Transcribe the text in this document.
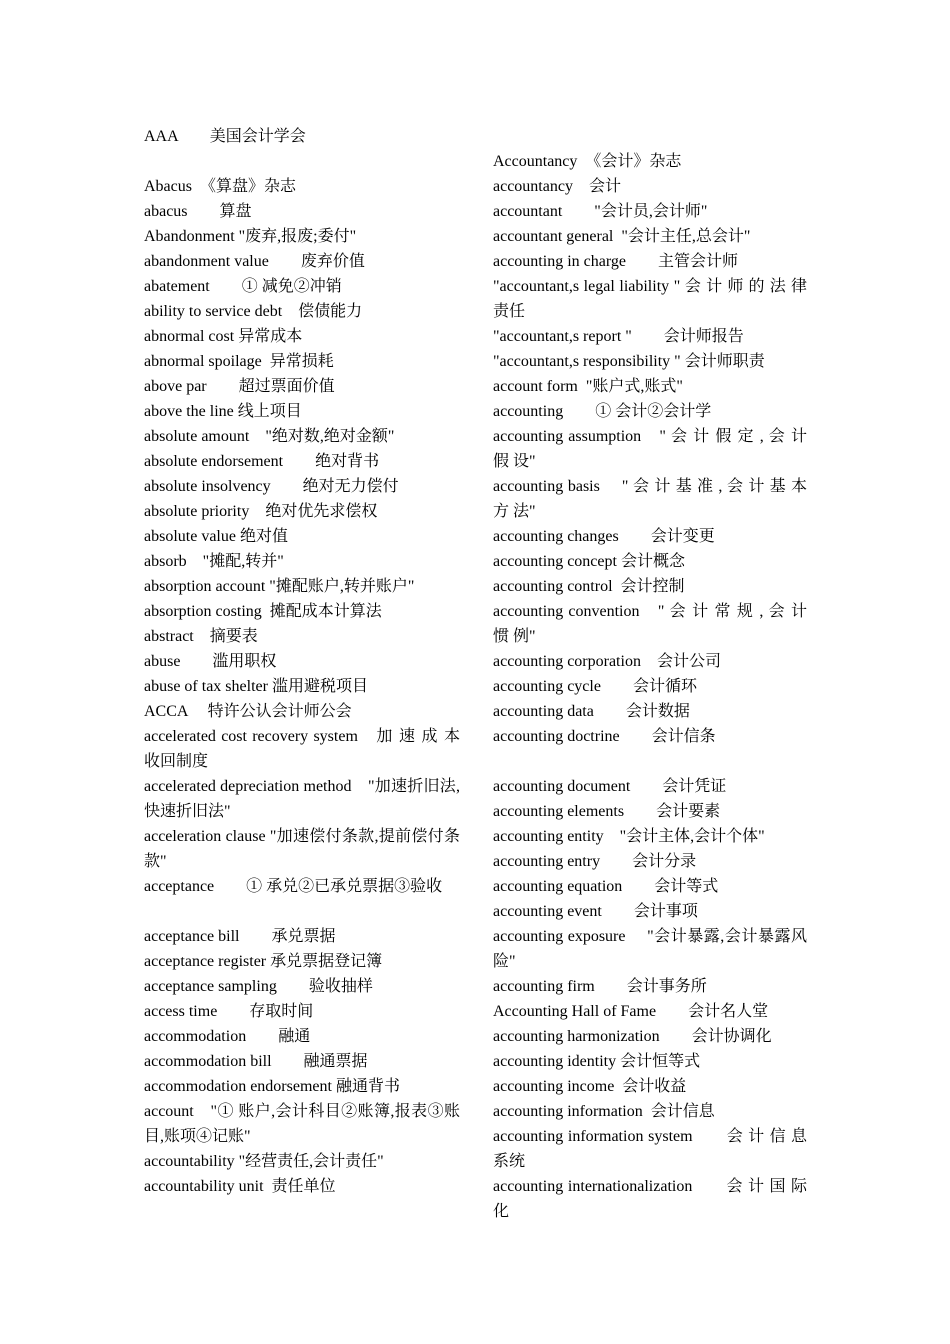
AAA　　美国会计学会

Abacus　《算盘》杂志

abacus　　算盘

Abandonment "废弃,报废;委付"

abandonment value　　废弃价值

abatement　　① 减免②冲销

ability to service debt　偿债能力

abnormal cost 异常成本

abnormal spoilage  异常损耗

above par　　超过票面价值

above the line 线上项目

absolute amount　"绝对数,绝对金额"

absolute endorsement　　绝对背书

absolute insolvency　　绝对无力偿付

absolute priority　绝对优先求偿权

absolute value 绝对值

absorb　"摊配,转并"

absorption account "摊配账户,转并账户"

absorption costing  摊配成本计算法

abstract　摘要表

abuse　　滥用职权

abuse of tax shelter 滥用避税项目

ACCA　 特许公认会计师公会

accelerated cost recovery system　加 速 成 本 收回制度

accelerated depreciation method　"加速折旧法,快速折旧法"

acceleration clause "加速偿付条款,提前偿付条款"

acceptance　　① 承兑②已承兑票据③验收

acceptance bill　　承兑票据

acceptance register 承兑票据登记簿

acceptance sampling　　验收抽样

access time　　存取时间

accommodation　　融通

accommodation bill　　融通票据

accommodation endorsement 融通背书

account　"① 账户,会计科目②账簿,报表③账目,账项④记账"

accountability "经营责任,会计责任"

accountability unit  责任单位

Accountancy　《会计》杂志

accountancy　会计

accountant　　"会计员,会计师"

accountant general  "会计主任,总会计"

accounting in charge　　主管会计师

"accountant,s legal liability " 会 计 师 的 法 律 责任

"accountant,s report "　　会计师报告

"accountant,s responsibility " 会计师职责

account form  "账户式,账式"

accounting　　① 会计②会计学

accounting assumption　" 会 计 假 定 , 会 计 假 设"

accounting basis　 " 会 计 基 准 , 会 计 基 本 方 法"

accounting changes　　会计变更

accounting concept 会计概念

accounting control  会计控制

accounting convention　" 会 计 常 规 , 会 计 惯 例"

accounting corporation　会计公司

accounting cycle　　会计循环

accounting data　　会计数据

accounting doctrine　　会计信条

accounting document　　会计凭证

accounting elements　　会计要素

accounting entity　"会计主体,会计个体"

accounting entry　　会计分录

accounting equation　　会计等式

accounting event　　会计事项

accounting exposure　 "会计暴露,会计暴露风险"

accounting firm　　会计事务所

Accounting Hall of Fame　　会计名人堂

accounting harmonization　　会计协调化

accounting identity 会计恒等式

accounting income  会计收益

accounting information  会计信息

accounting information system　　会 计 信 息 系统

accounting internationalization　　会 计 国 际 化
